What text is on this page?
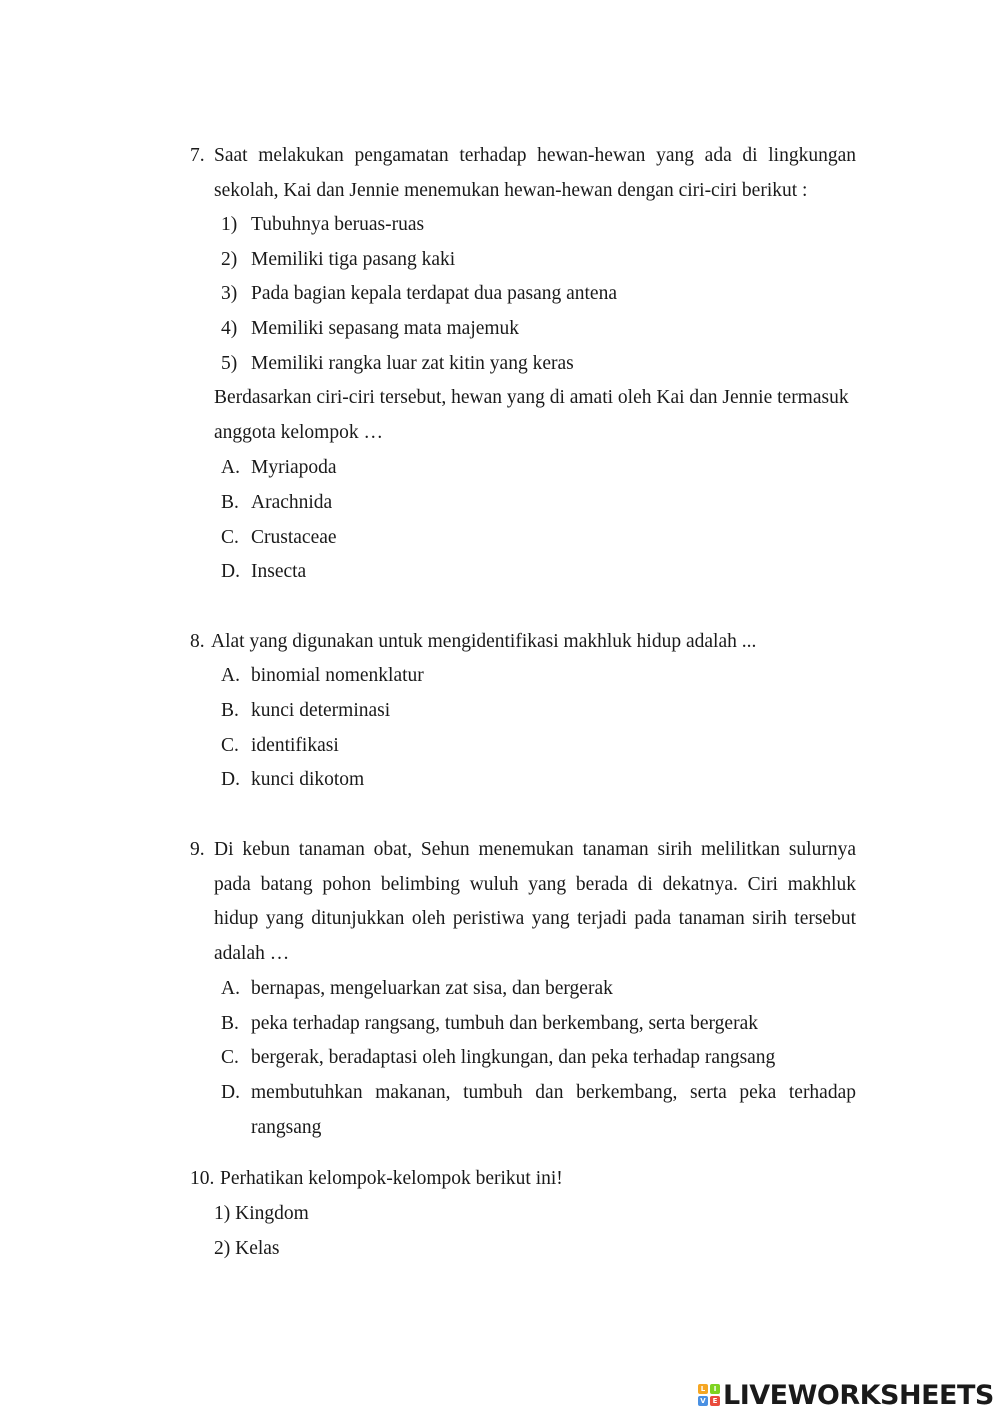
7. Saat melakukan pengamatan terhadap hewan-hewan yang ada di lingkungan
sekolah, Kai dan Jennie menemukan hewan-hewan dengan ciri-ciri berikut :
1) Tubuhnya beruas-ruas
2) Memiliki tiga pasang kaki
3) Pada bagian kepala terdapat dua pasang antena
4) Memiliki sepasang mata majemuk
5) Memiliki rangka luar zat kitin yang keras
Berdasarkan ciri-ciri tersebut, hewan yang di amati oleh Kai dan Jennie termasuk
anggota kelompok …
A. Myriapoda
B. Arachnida
C. Crustaceae
D. Insecta
8. Alat yang digunakan untuk mengidentifikasi makhluk hidup adalah ...
A. binomial nomenklatur
B. kunci determinasi
C. identifikasi
D. kunci dikotom
9. Di kebun tanaman obat, Sehun menemukan tanaman sirih melilitkan sulurnya
pada batang pohon belimbing wuluh yang berada di dekatnya. Ciri makhluk
hidup yang ditunjukkan oleh peristiwa yang terjadi pada tanaman sirih tersebut
adalah …
A. bernapas, mengeluarkan zat sisa, dan bergerak
B. peka terhadap rangsang, tumbuh dan berkembang, serta bergerak
C. bergerak, beradaptasi oleh lingkungan, dan peka terhadap rangsang
D. membutuhkan makanan, tumbuh dan berkembang, serta peka terhadap
rangsang
10. Perhatikan kelompok-kelompok berikut ini!
1) Kingdom
2) Kelas
L	I
V E LIVEWORKSHEETS
